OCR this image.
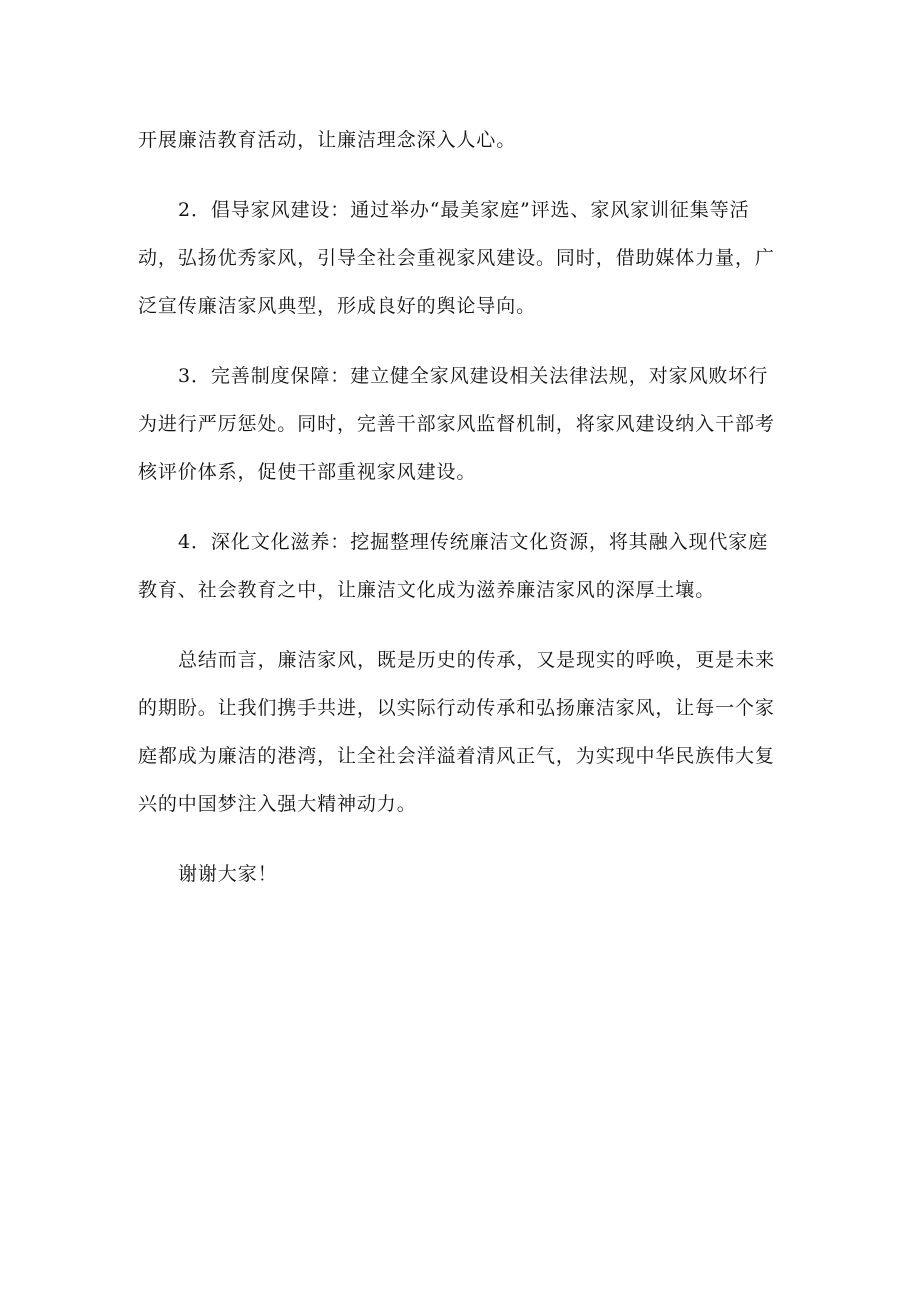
开展廉洁教育活动，让廉洁理念深入人心。
2．倡导家风建设：通过举办“最美家庭”评选、家风家训征集等活
动，弘扬优秀家风，引导全社会重视家风建设。同时，借助媒体力量，广
泛宣传廉洁家风典型，形成良好的舆论导向。
3．完善制度保障：建立健全家风建设相关法律法规，对家风败坏行
为进行严厉惩处。同时，完善干部家风监督机制，将家风建设纳入干部考
核评价体系，促使干部重视家风建设。
4．深化文化滋养：挖掘整理传统廉洁文化资源，将其融入现代家庭
教育、社会教育之中，让廉洁文化成为滋养廉洁家风的深厚土壤。
总结而言，廉洁家风，既是历史的传承，又是现实的呼唤，更是未来
的期盼。让我们携手共进，以实际行动传承和弘扬廉洁家风，让每一个家
庭都成为廉洁的港湾，让全社会洋溢着清风正气，为实现中华民族伟大复
兴的中国梦注入强大精神动力。
谢谢大家！
